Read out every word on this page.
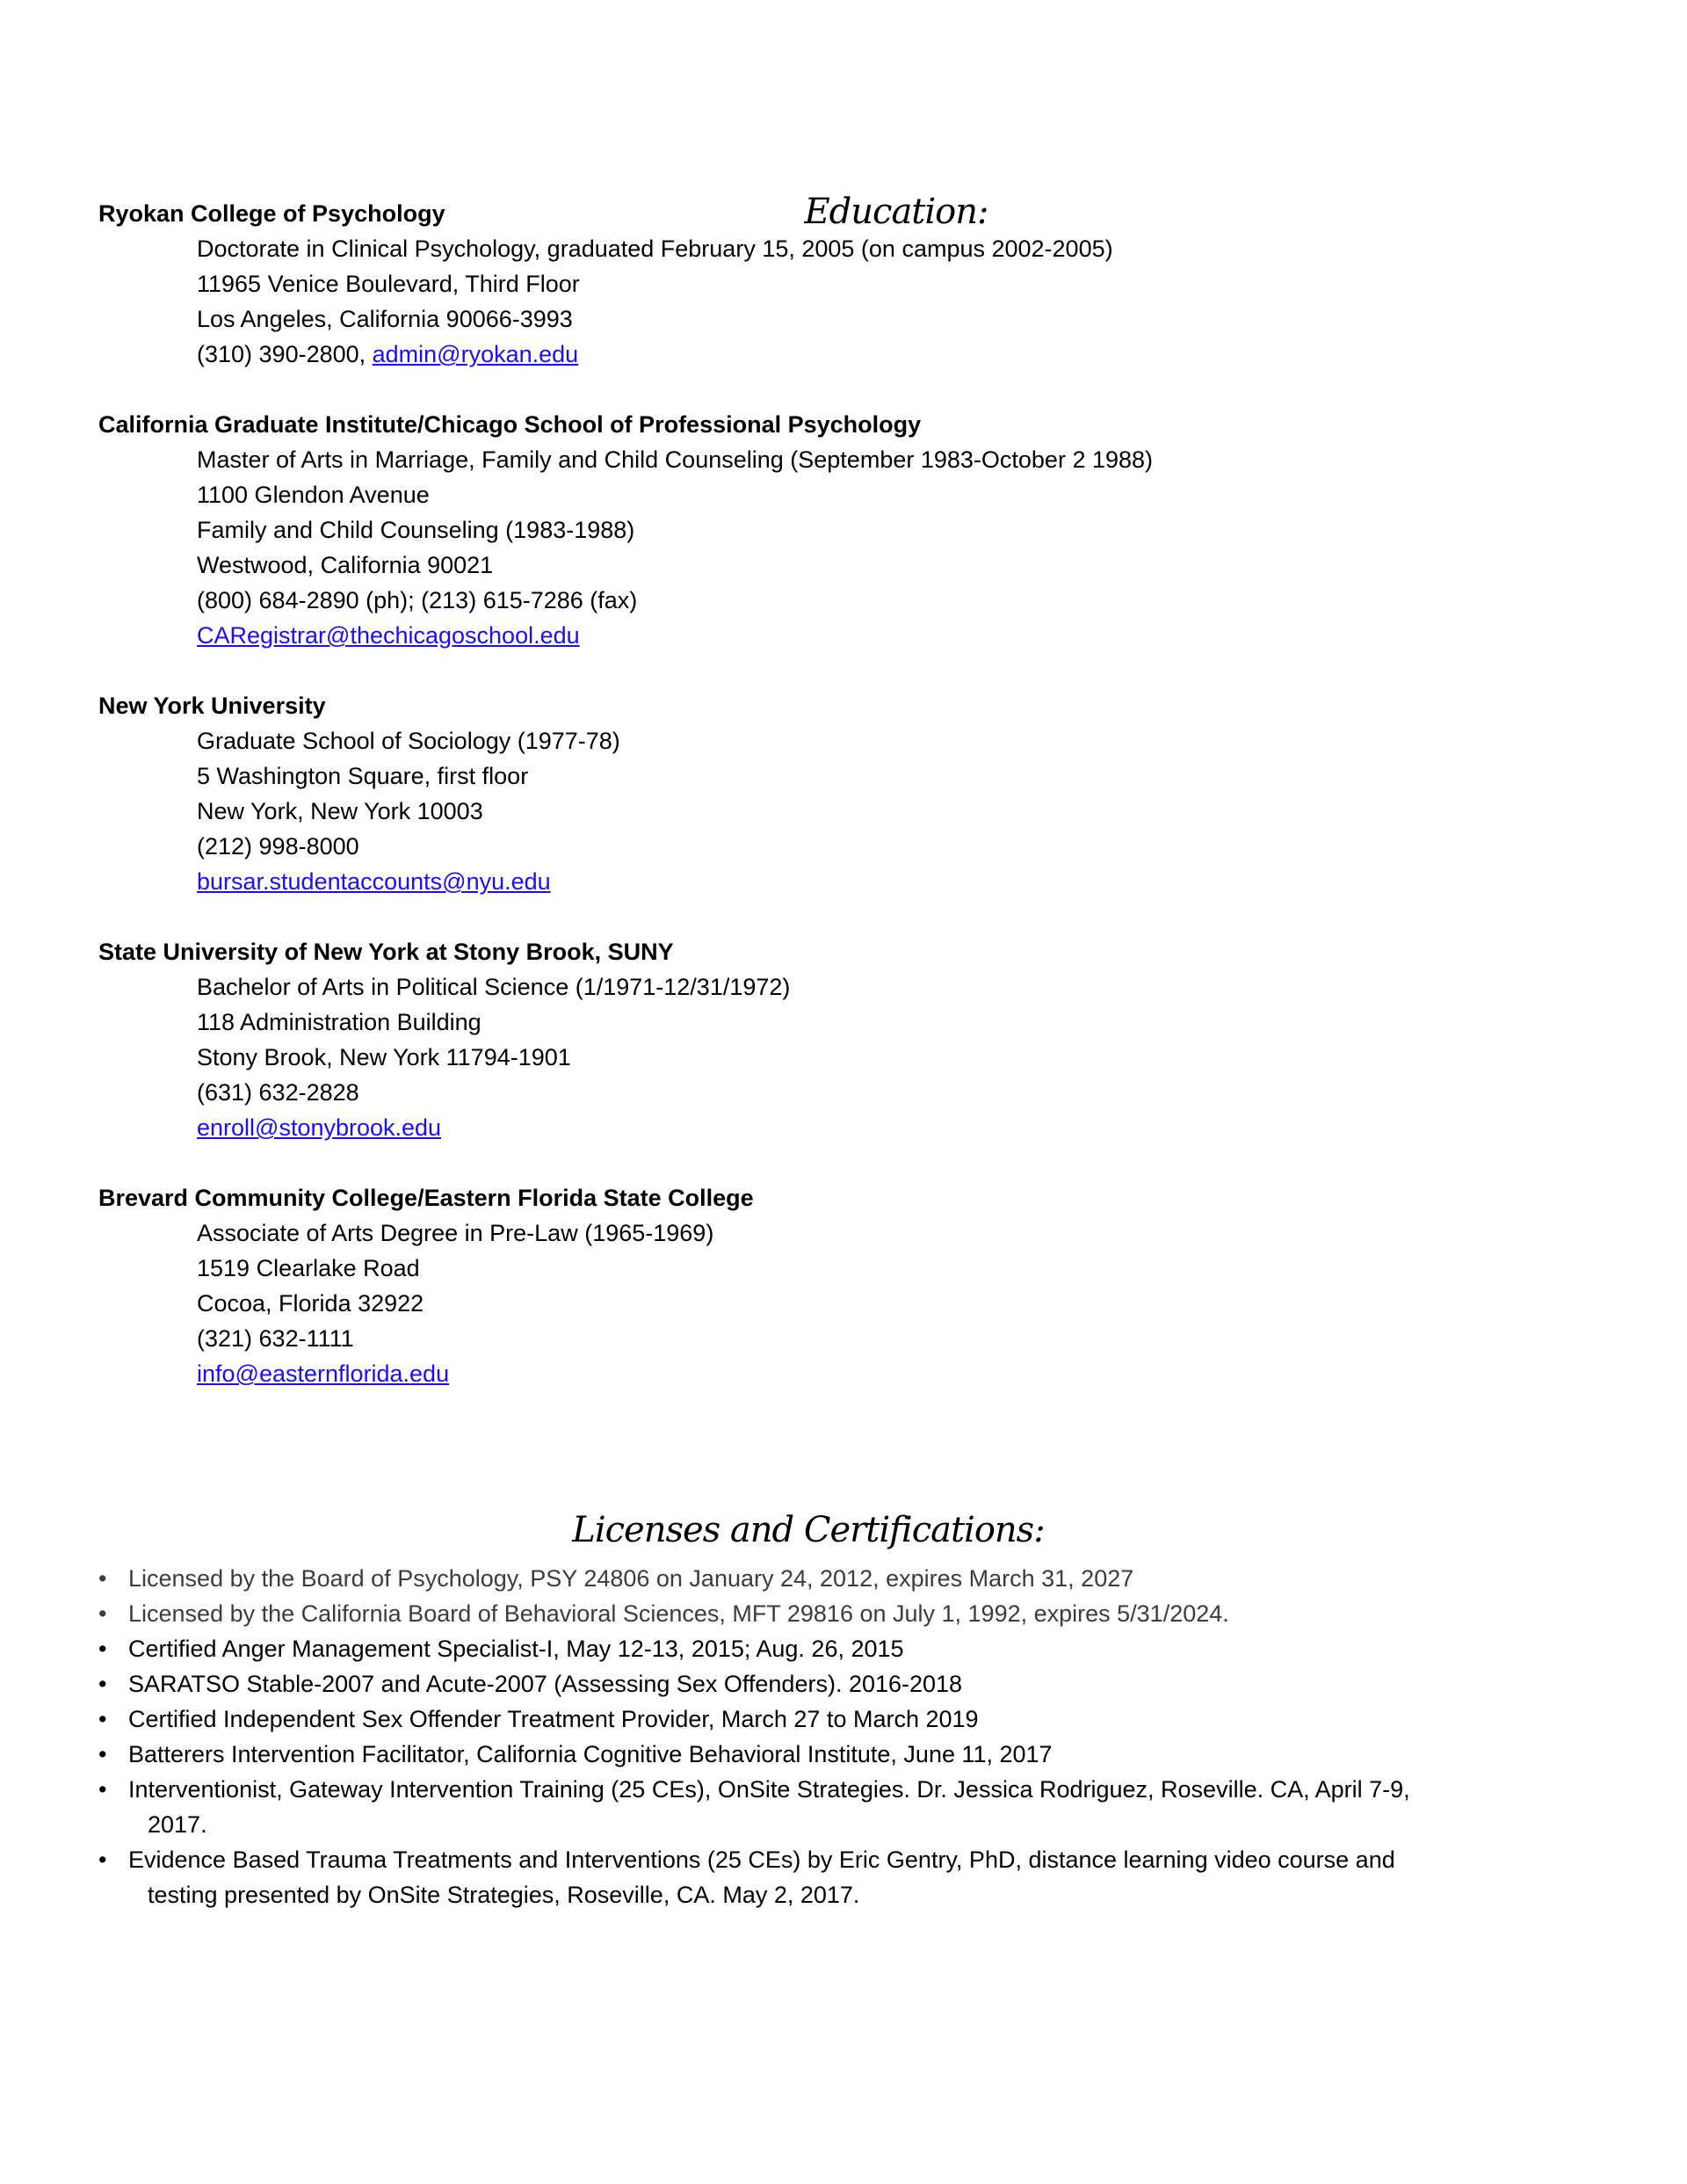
Education:
Ryokan College of Psychology
Doctorate in Clinical Psychology, graduated February 15, 2005 (on campus 2002-2005)
11965 Venice Boulevard, Third Floor
Los Angeles, California 90066-3993
(310) 390-2800, admin@ryokan.edu
California Graduate Institute/Chicago School of Professional Psychology
Master of Arts in Marriage, Family and Child Counseling (September 1983-October 2 1988)
1100 Glendon Avenue
Family and Child Counseling (1983-1988)
Westwood, California 90021
(800) 684-2890 (ph); (213) 615-7286 (fax)
CARegistrar@thechicagoschool.edu
New York University
Graduate School of Sociology (1977-78)
5 Washington Square, first floor
New York, New York 10003
(212) 998-8000
bursar.studentaccounts@nyu.edu
State University of New York at Stony Brook, SUNY
Bachelor of Arts in Political Science (1/1971-12/31/1972)
118 Administration Building
Stony Brook, New York 11794-1901
(631) 632-2828
enroll@stonybrook.edu
Brevard Community College/Eastern Florida State College
Associate of Arts Degree in Pre-Law (1965-1969)
1519 Clearlake Road
Cocoa, Florida 32922
(321) 632-1111
info@easternflorida.edu
Licenses and Certifications:
• Licensed by the Board of Psychology, PSY 24806 on January 24, 2012, expires March 31, 2027
• Licensed by the California Board of Behavioral Sciences, MFT 29816 on July 1, 1992, expires 5/31/2024.
• Certified Anger Management Specialist-I, May 12-13, 2015; Aug. 26, 2015
• SARATSO Stable-2007 and Acute-2007 (Assessing Sex Offenders). 2016-2018
• Certified Independent Sex Offender Treatment Provider, March 27 to March 2019
• Batterers Intervention Facilitator, California Cognitive Behavioral Institute, June 11, 2017
• Interventionist, Gateway Intervention Training (25 CEs), OnSite Strategies. Dr. Jessica Rodriguez, Roseville. CA, April 7-9,
2017.
• Evidence Based Trauma Treatments and Interventions (25 CEs) by Eric Gentry, PhD, distance learning video course and
testing presented by OnSite Strategies, Roseville, CA. May 2, 2017.
